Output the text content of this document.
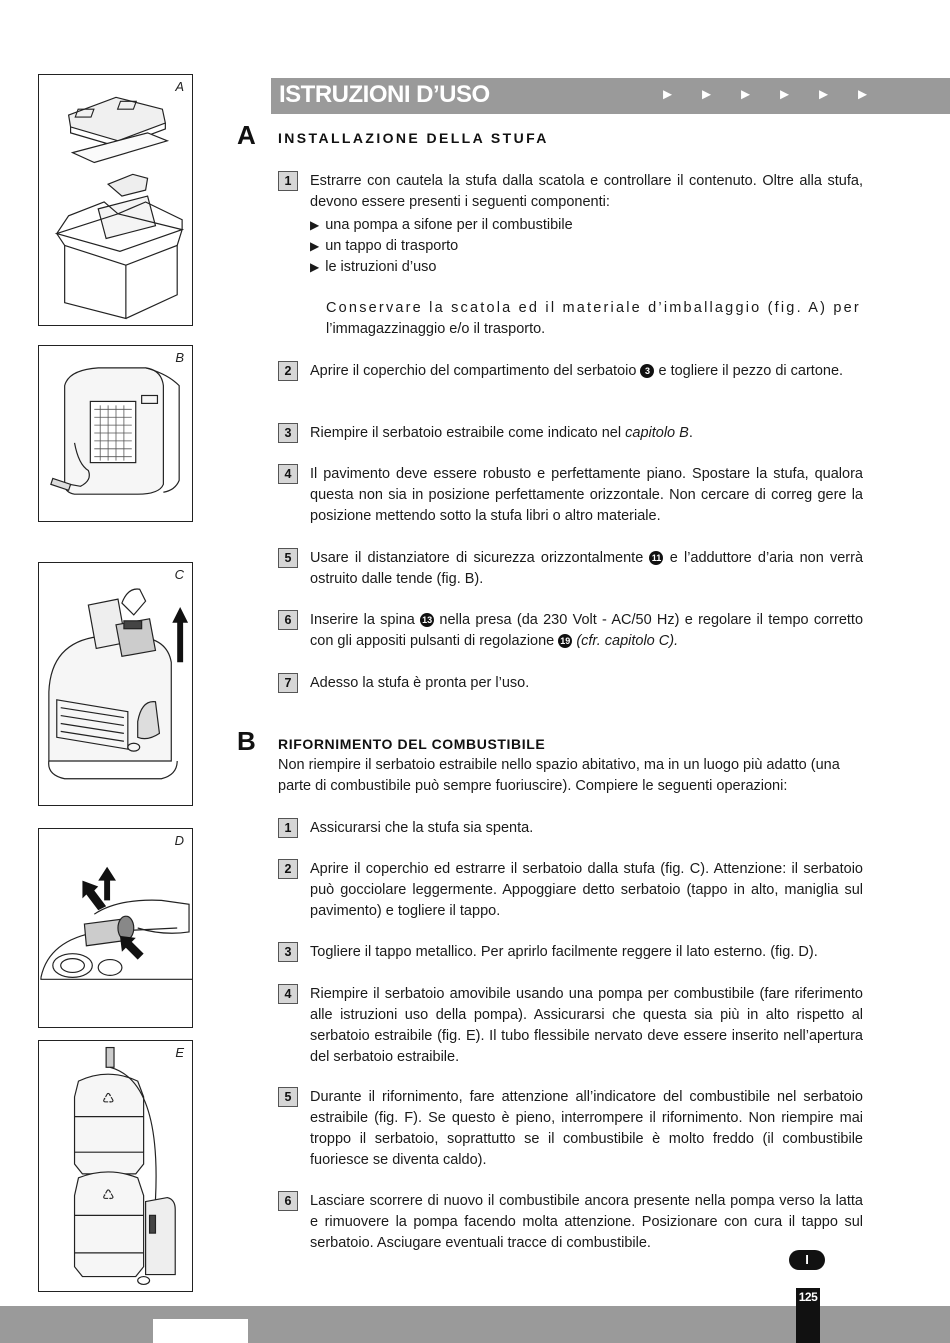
A
B
C
D
♺
♺
E
ISTRUZIONI D’USO	► ► ► ► ► ►
A INSTALLAZIONE DELLA STUFA
1	Estrarre con cautela la stufa dalla scatola e controllare il contenuto. Oltre alla stufa, devono essere presenti i seguenti componenti:
▶ una pompa a sifone per il combustibile
▶ un tappo di trasporto
▶ le istruzioni d’uso
Conservare la scatola ed il materiale d’imballaggio (fig. A) per
l’immagazzinaggio e/o il trasporto.
2	Aprire il coperchio del compartimento del serbatoio 3 e togliere il pezzo di cartone.
3	Riempire il serbatoio estraibile come indicato nel capitolo B.
4	Il pavimento deve essere robusto e perfettamente piano. Spostare la stufa, qualora questa non sia in posizione perfettamente orizzontale. Non cercare di correg gere la posizione mettendo sotto la stufa libri o altro materiale.
5	Usare il distanziatore di sicurezza orizzontalmente 11 e l’adduttore d’aria non verrà ostruito dalle tende (fig. B).
6	Inserire la spina 13 nella presa (da 230 Volt - AC/50 Hz) e regolare il tempo corretto con gli appositi pulsanti di regolazione 19 (cfr. capitolo C).
7	Adesso la stufa è pronta per l’uso.
B RIFORNIMENTO DEL COMBUSTIBILE
Non riempire il serbatoio estraibile nello spazio abitativo, ma in un luogo più adatto (una parte di combustibile può sempre fuoriuscire). Compiere le seguenti operazioni:
1	Assicurarsi che la stufa sia spenta.
2	Aprire il coperchio ed estrarre il serbatoio dalla stufa (fig. C). Attenzione: il serbatoio può gocciolare leggermente. Appoggiare detto serbatoio (tappo in alto, maniglia sul pavimento) e togliere il tappo.
3	Togliere il tappo metallico. Per aprirlo facilmente reggere il lato esterno. (fig. D).
4	Riempire il serbatoio amovibile usando una pompa per combustibile (fare riferimento alle istruzioni uso della pompa). Assicurarsi che questa sia più in alto rispetto al serbatoio estraibile (fig. E). Il tubo flessibile nervato deve essere inserito nell’apertura del serbatoio estraibile.
5	Durante il rifornimento, fare attenzione all’indicatore del combustibile nel serbatoio estraibile (fig. F). Se questo è pieno, interrompere il rifornimento. Non riempire mai troppo il serbatoio, soprattutto se il combustibile è molto freddo (il combustibile fuoriesce se diventa caldo).
6	Lasciare scorrere di nuovo il combustibile ancora presente nella pompa verso la latta e rimuovere la pompa facendo molta attenzione. Posizionare con cura il tappo sul serbatoio. Asciugare eventuali tracce di combustibile.
I
125
